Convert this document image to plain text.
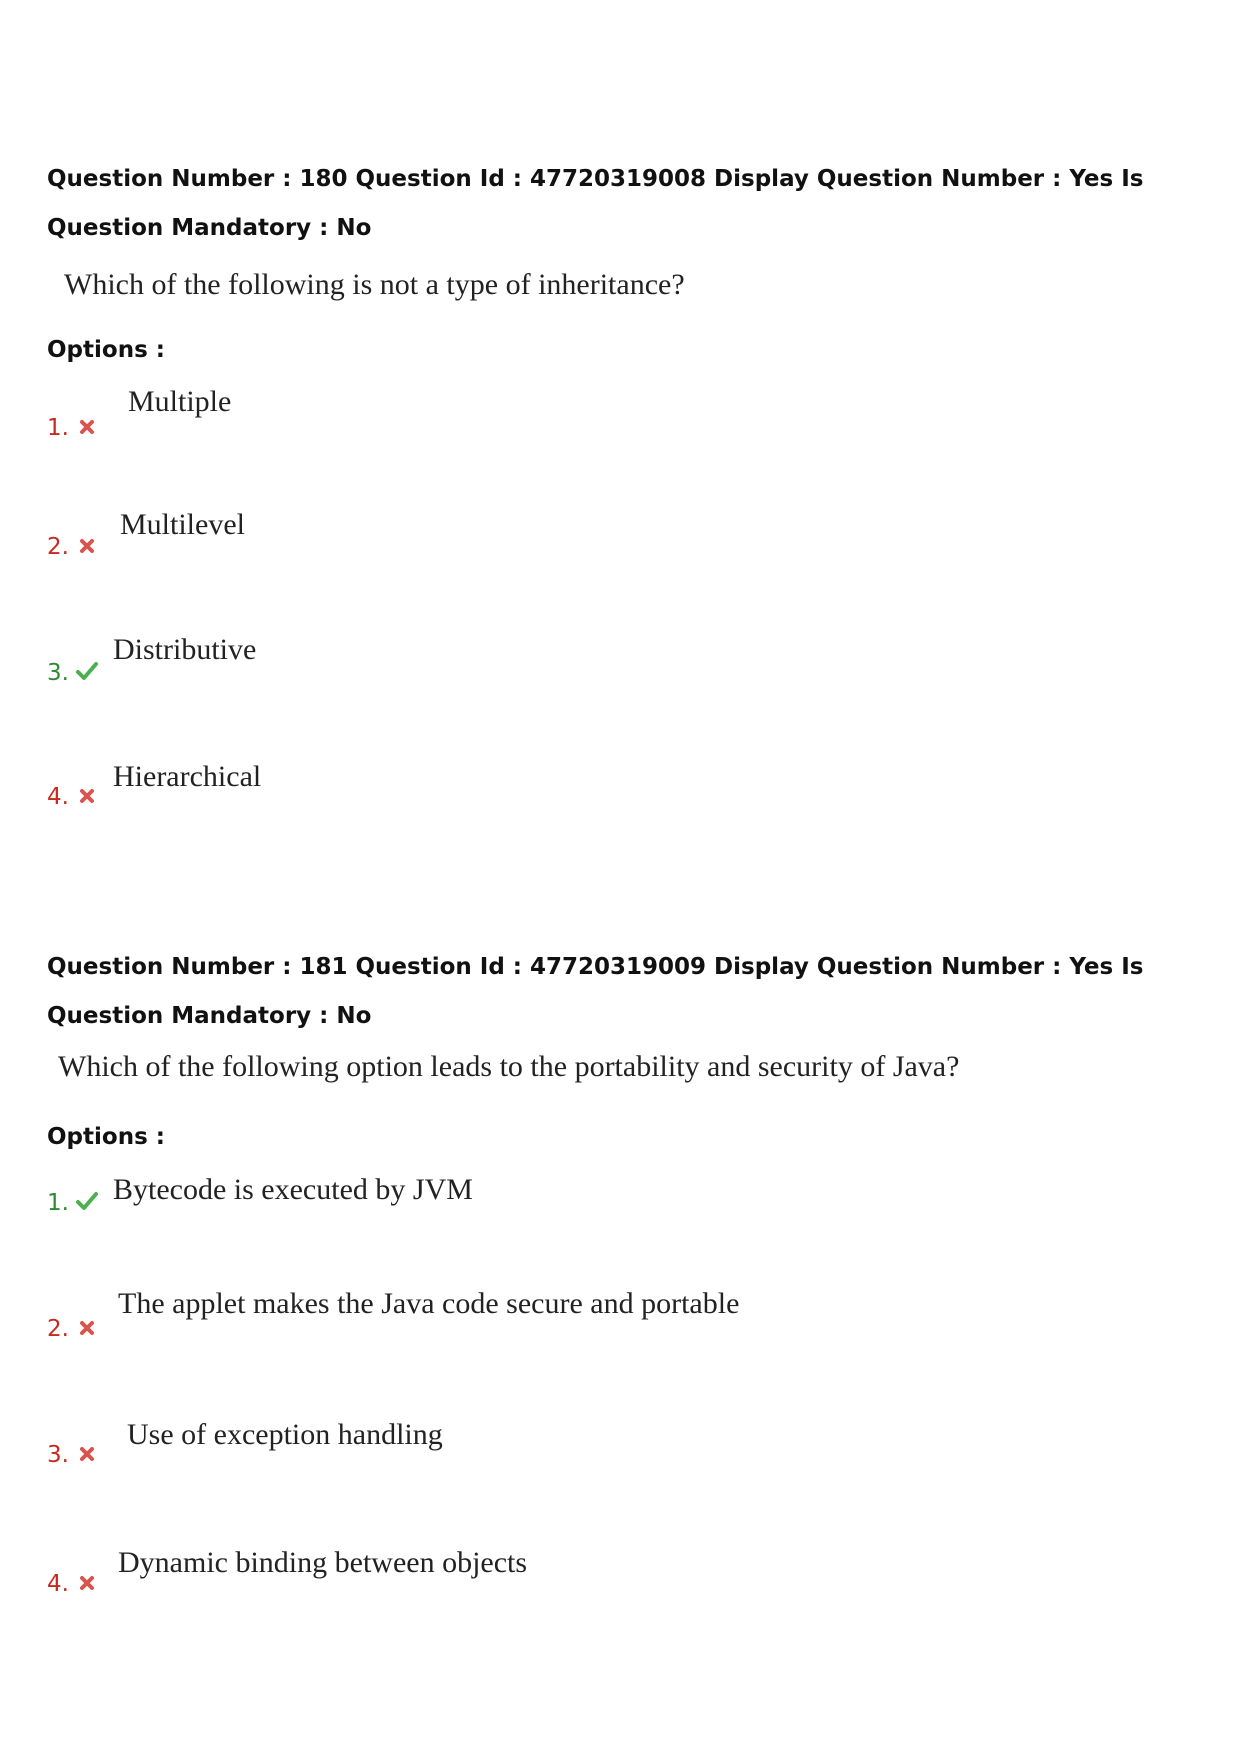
Question Number : 180 Question Id : 47720319008 Display Question Number : Yes Is Question Mandatory : No
Which of the following is not a type of inheritance?
Options :
1.
Multiple
2.
Multilevel
3.
Distributive
4.
Hierarchical
Question Number : 181 Question Id : 47720319009 Display Question Number : Yes Is Question Mandatory : No
Which of the following option leads to the portability and security of Java?
Options :
1. Bytecode is executed by JVM
2.
The applet makes the Java code secure and portable
3.
Use of exception handling
4.
Dynamic binding between objects
